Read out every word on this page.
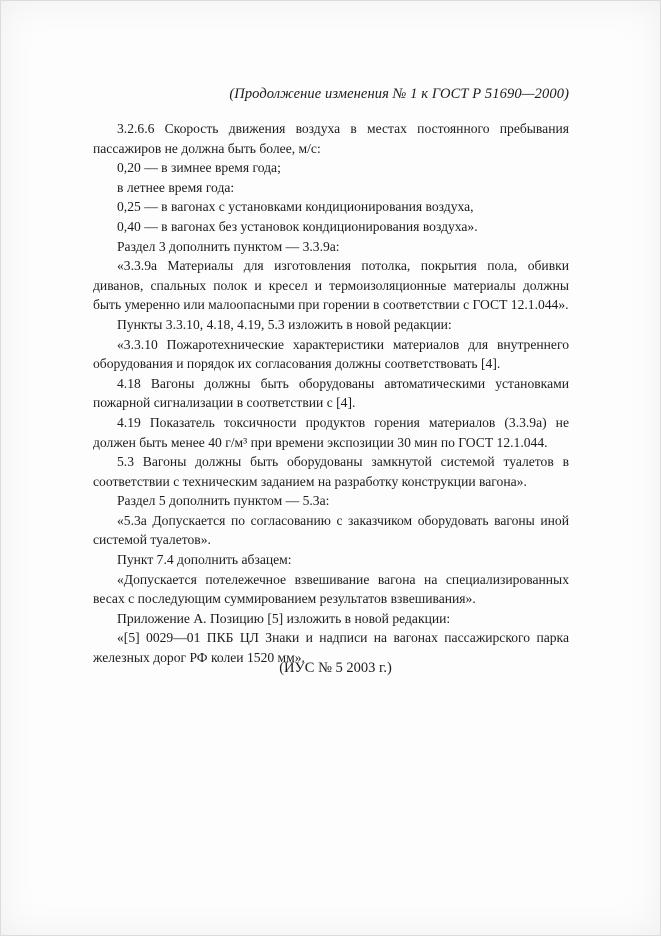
(Продолжение изменения № 1 к ГОСТ Р 51690—2000)

3.2.6.6 Скорость движения воздуха в местах постоянного пребывания пассажиров не должна быть более, м/с:

0,20 — в зимнее время года;

в летнее время года:

0,25 — в вагонах с установками кондиционирования воздуха,

0,40 — в вагонах без установок кондиционирования воздуха».

Раздел 3 дополнить пунктом — 3.3.9а:

«3.3.9а Материалы для изготовления потолка, покрытия пола, обивки диванов, спальных полок и кресел и термоизоляционные материалы должны быть умеренно или малоопасными при горении в соответствии с ГОСТ 12.1.044».

Пункты 3.3.10, 4.18, 4.19, 5.3 изложить в новой редакции:

«3.3.10 Пожаротехнические характеристики материалов для внутреннего оборудования и порядок их согласования должны соответствовать [4].

4.18 Вагоны должны быть оборудованы автоматическими установками пожарной сигнализации в соответствии с [4].

4.19 Показатель токсичности продуктов горения материалов (3.3.9а) не должен быть менее 40 г/м³ при времени экспозиции 30 мин по ГОСТ 12.1.044.

5.3 Вагоны должны быть оборудованы замкнутой системой туалетов в соответствии с техническим заданием на разработку конструкции вагона».

Раздел 5 дополнить пунктом — 5.3а:

«5.3а Допускается по согласованию с заказчиком оборудовать вагоны иной системой туалетов».

Пункт 7.4 дополнить абзацем:

«Допускается потележечное взвешивание вагона на специализированных весах с последующим суммированием результатов взвешивания».

Приложение А. Позицию [5] изложить в новой редакции:

«[5] 0029—01 ПКБ ЦЛ Знаки и надписи на вагонах пассажирского парка железных дорог РФ колеи 1520 мм».

(ИУС № 5 2003 г.)
